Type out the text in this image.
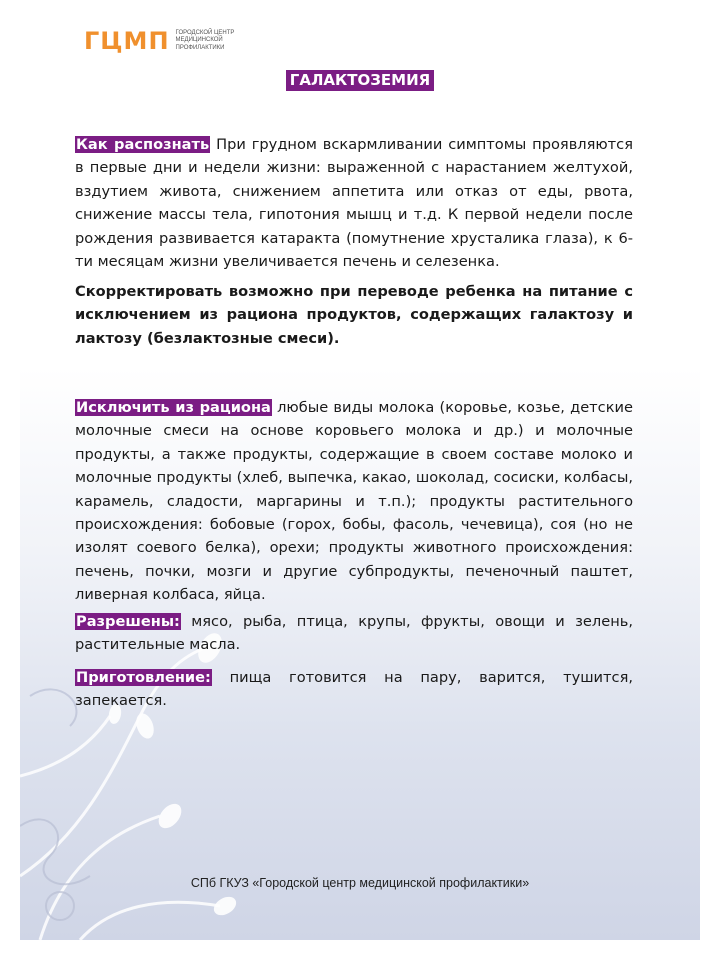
ГЦМП ГОРОДСКОЙ ЦЕНТР
МЕДИЦИНСКОЙ
ПРОФИЛАКТИКИ
ГАЛАКТОЗЕМИЯ

Как распознать При грудном вскармливании симптомы проявляются в первые дни и недели жизни: выраженной с нарастанием желтухой, вздутием живота, снижением аппетита или отказ от еды, рвота, снижение массы тела, гипотония мышц и т.д. К первой недели после рождения развивается катаракта (помутнение хрусталика глаза), к 6-ти месяцам жизни увеличивается печень и селезенка.

Скорректировать возможно при переводе ребенка на питание с исключением из рациона продуктов, содержащих галактозу и лактозу (безлактозные смеси).

Исключить из рациона любые виды молока (коровье, козье, детские молочные смеси на основе коровьего молока и др.) и молочные продукты, а также продукты, содержащие в своем составе молоко и молочные продукты (хлеб, выпечка, какао, шоколад, сосиски, колбасы, карамель, сладости, маргарины и т.п.); продукты растительного происхождения: бобовые (горох, бобы, фасоль, чечевица), соя (но не изолят соевого белка), орехи; продукты животного происхождения: печень, почки, мозги и другие субпродукты, печеночный паштет, ливерная колбаса, яйца.

Разрешены: мясо, рыба, птица, крупы, фрукты, овощи и зелень, растительные масла.

Приготовление: пища готовится на пару, варится, тушится, запекается.

СПб ГКУЗ «Городской центр медицинской профилактики»
